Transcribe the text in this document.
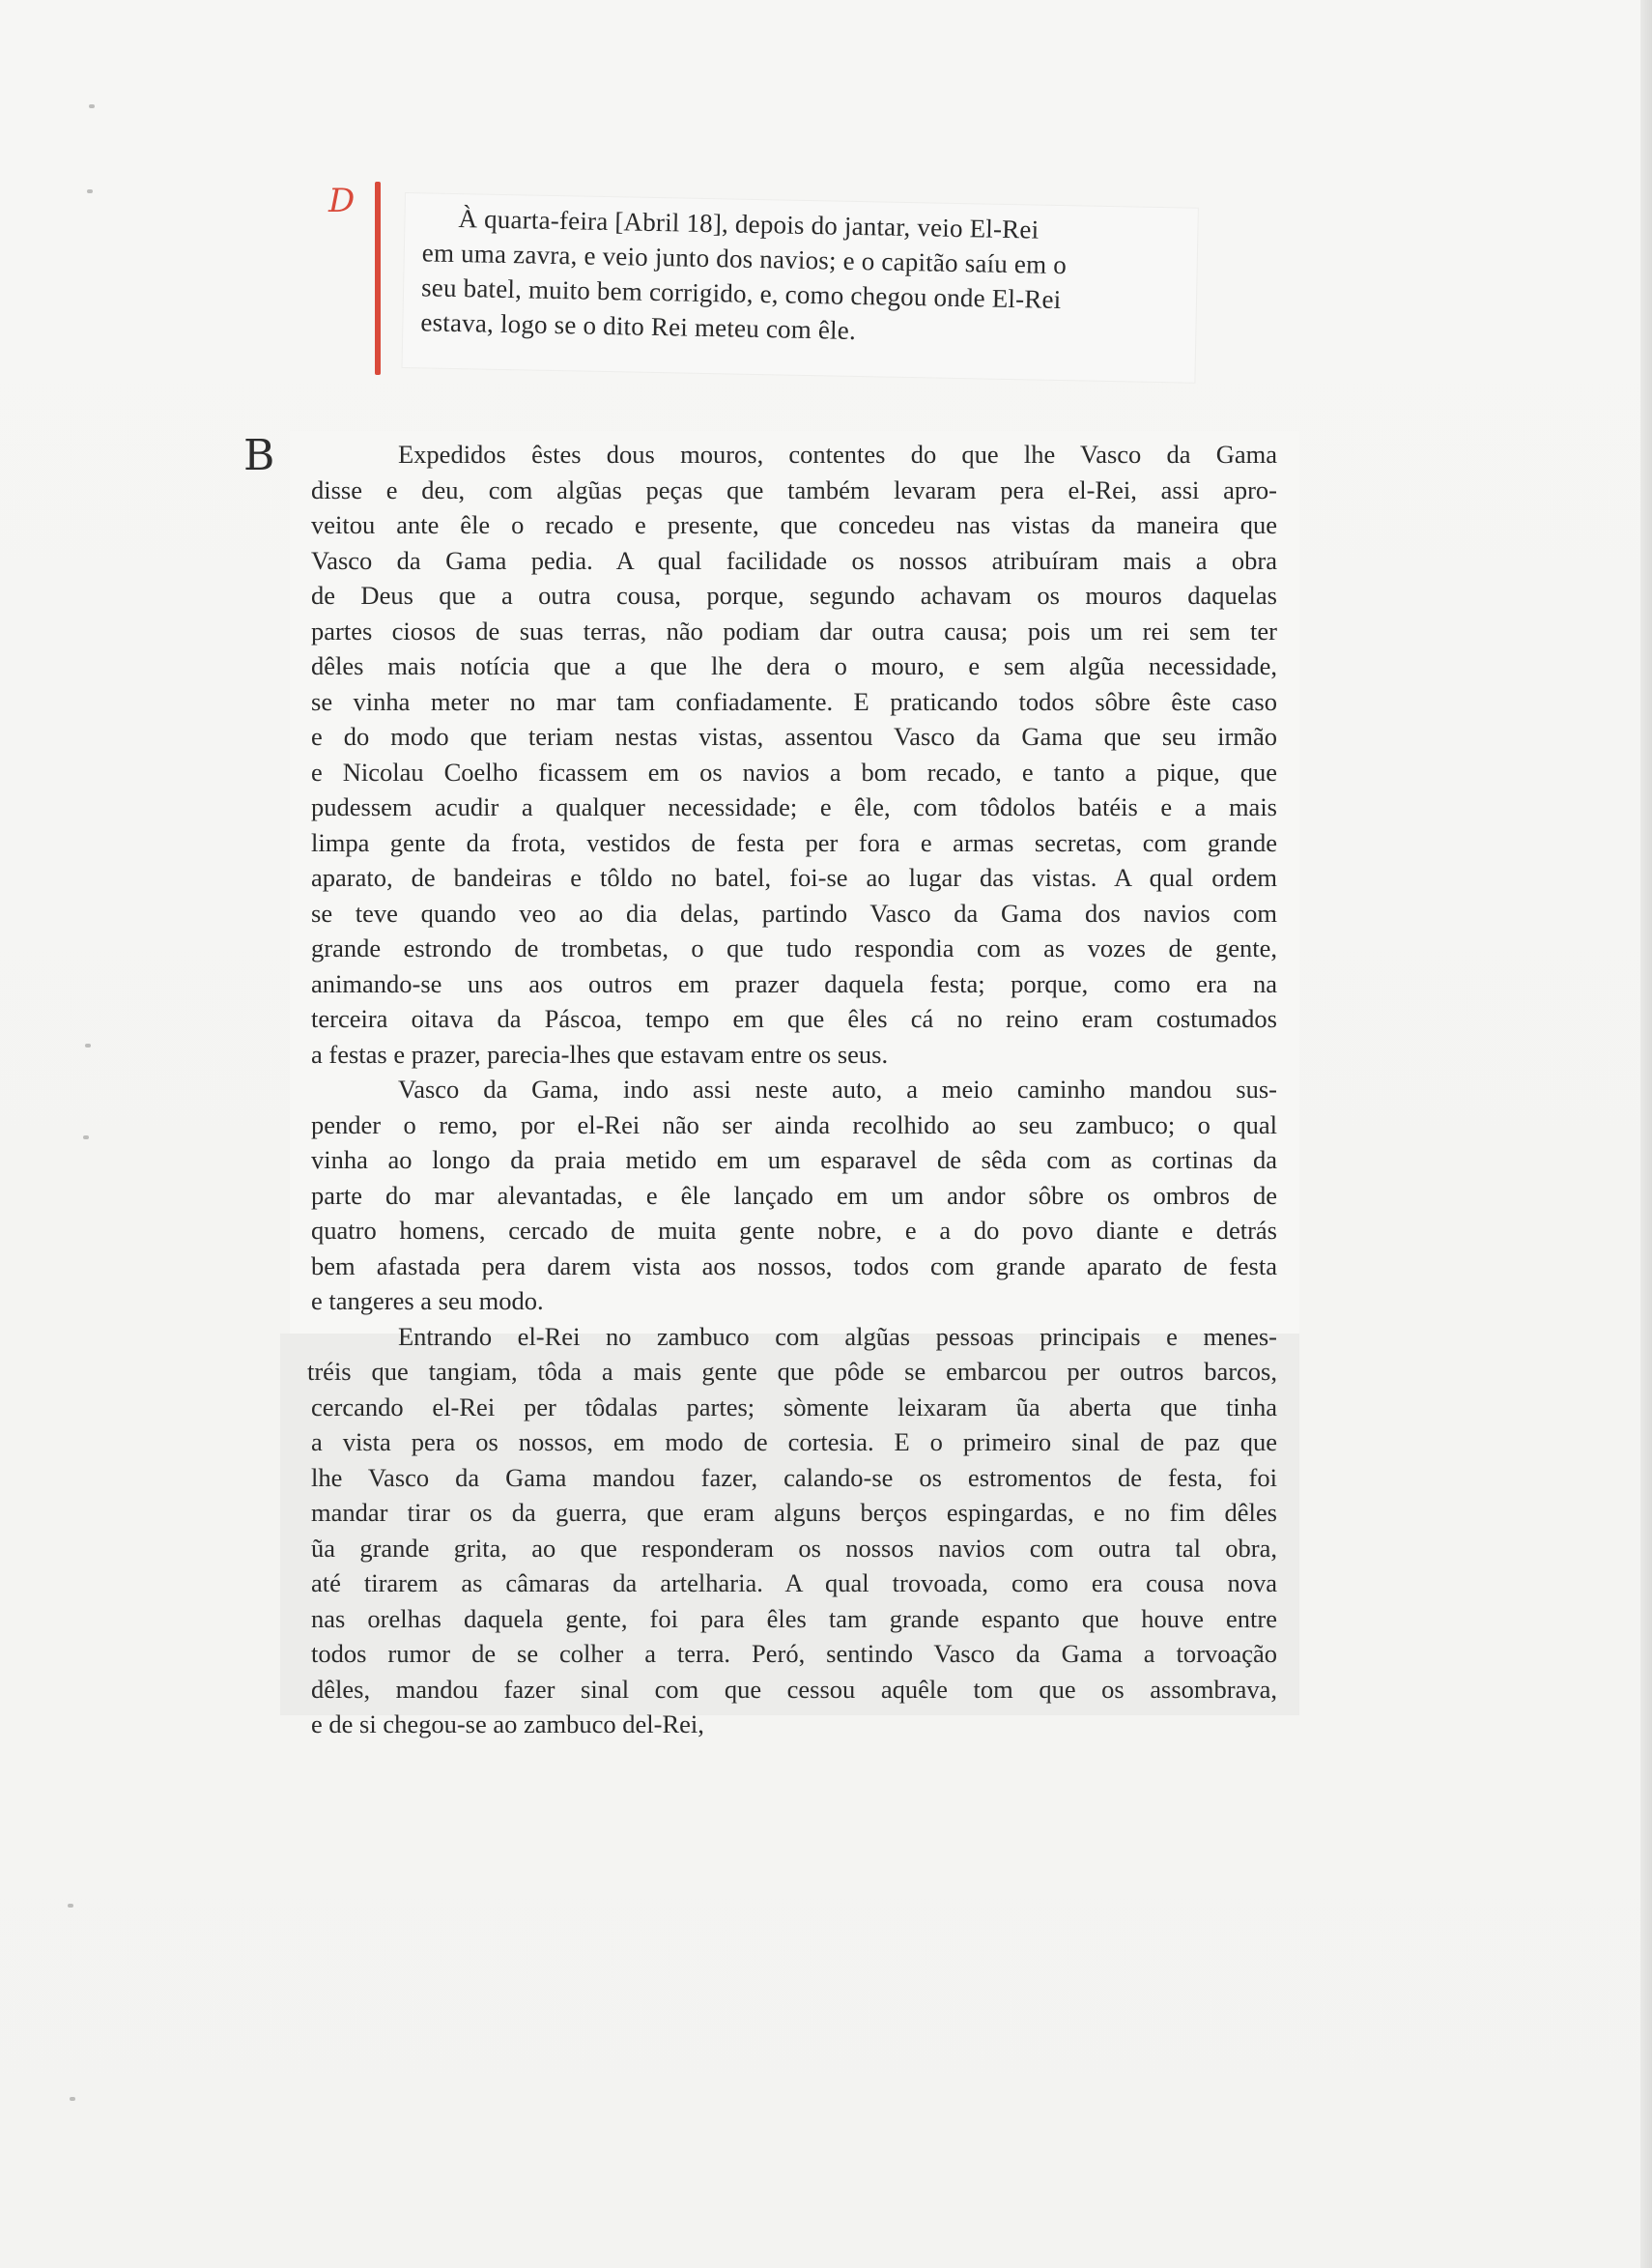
D
À quarta-feira [Abril 18], depois do jantar, veio El-Rei
em uma zavra, e veio junto dos navios; e o capitão saíu em o
seu batel, muito bem corrigido, e, como chegou onde El-Rei
estava, logo se o dito Rei meteu com êle.
B	Expedidos êstes dous mouros, contentes do que lhe Vasco da Gama
disse e deu, com algũas peças que também levaram pera el-Rei, assi apro-
veitou ante êle o recado e presente, que concedeu nas vistas da maneira que
Vasco da Gama pedia. A qual facilidade os nossos atribuíram mais a obra
de Deus que a outra cousa, porque, segundo achavam os mouros daquelas
partes ciosos de suas terras, não podiam dar outra causa; pois um rei sem ter
dêles mais notícia que a que lhe dera o mouro, e sem algũa necessidade,
se vinha meter no mar tam confiadamente. E praticando todos sôbre êste caso
e do modo que teriam nestas vistas, assentou Vasco da Gama que seu irmão
e Nicolau Coelho ficassem em os navios a bom recado, e tanto a pique, que
pudessem acudir a qualquer necessidade; e êle, com tôdolos batéis e a mais
limpa gente da frota, vestidos de festa per fora e armas secretas, com grande
aparato, de bandeiras e tôldo no batel, foi-se ao lugar das vistas. A qual ordem
se teve quando veo ao dia delas, partindo Vasco da Gama dos navios com
grande estrondo de trombetas, o que tudo respondia com as vozes de gente,
animando-se uns aos outros em prazer daquela festa; porque, como era na
terceira oitava da Páscoa, tempo em que êles cá no reino eram costumados
a festas e prazer, parecia-lhes que estavam entre os seus.
Vasco da Gama, indo assi neste auto, a meio caminho mandou sus-
pender o remo, por el-Rei não ser ainda recolhido ao seu zambuco; o qual
vinha ao longo da praia metido em um esparavel de sêda com as cortinas da
parte do mar alevantadas, e êle lançado em um andor sôbre os ombros de
quatro homens, cercado de muita gente nobre, e a do povo diante e detrás
bem afastada pera darem vista aos nossos, todos com grande aparato de festa
e tangeres a seu modo.
Entrando el-Rei no zambuco com algũas pessoas principais e menes-
tréis que tangiam, tôda a mais gente que pôde se embarcou per outros barcos,
cercando el-Rei per tôdalas partes; sòmente leixaram ũa aberta que tinha
a vista pera os nossos, em modo de cortesia. E o primeiro sinal de paz que
lhe Vasco da Gama mandou fazer, calando-se os estromentos de festa, foi
mandar tirar os da guerra, que eram alguns berços espingardas, e no fim dêles
ũa grande grita, ao que responderam os nossos navios com outra tal obra,
até tirarem as câmaras da artelharia. A qual trovoada, como era cousa nova
nas orelhas daquela gente, foi para êles tam grande espanto que houve entre
todos rumor de se colher a terra. Peró, sentindo Vasco da Gama a torvoação
dêles, mandou fazer sinal com que cessou aquêle tom que os assombrava,
e de si chegou-se ao zambuco del-Rei,
